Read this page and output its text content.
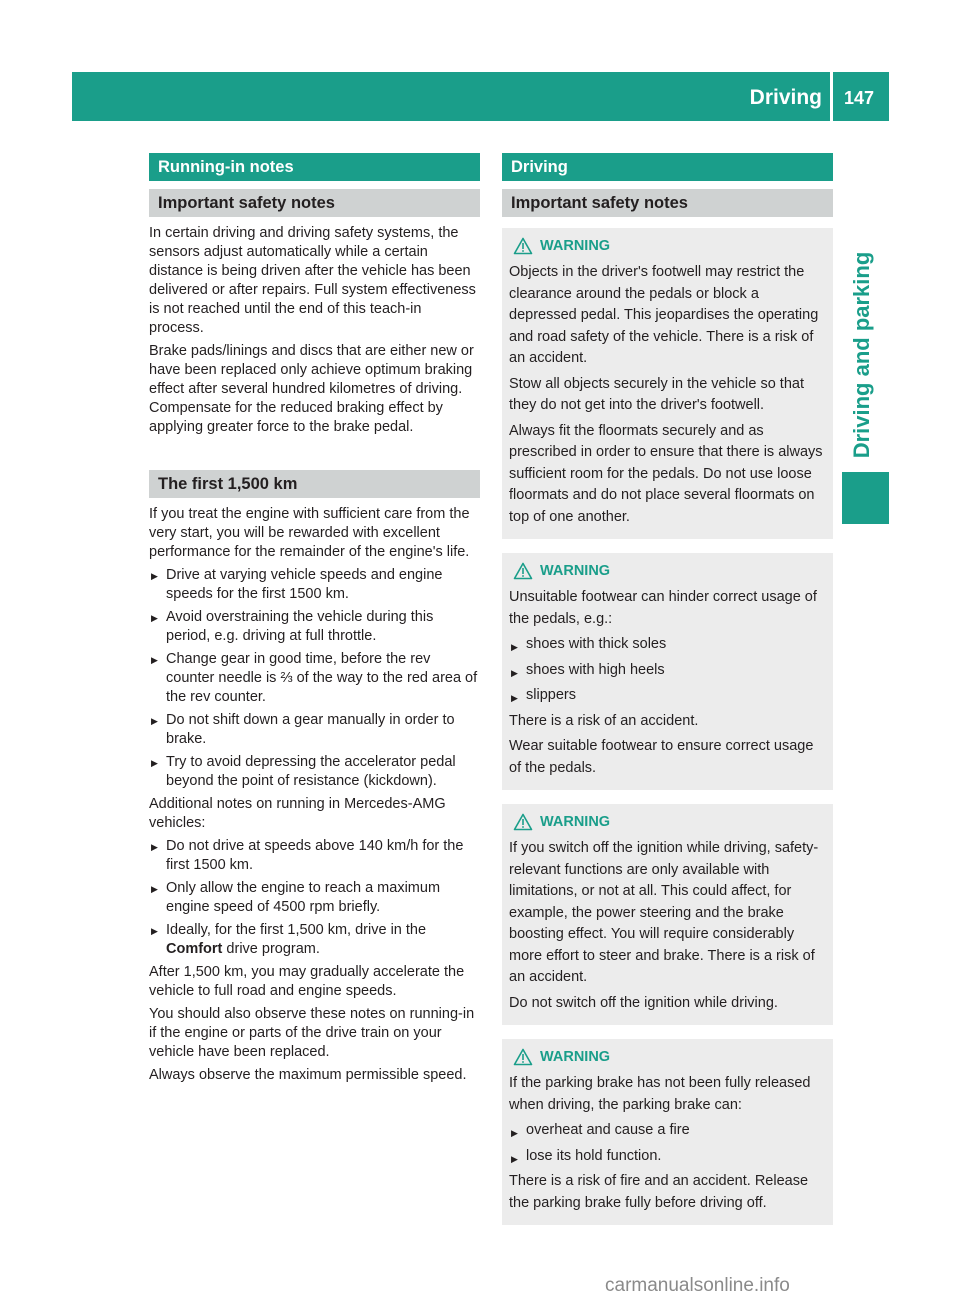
Driving 147
Driving and parking
Running-in notes
Important safety notes

In certain driving and driving safety systems, the sensors adjust automatically while a certain distance is being driven after the vehicle has been delivered or after repairs. Full system effectiveness is not reached until the end of this teach-in process.

Brake pads/linings and discs that are either new or have been replaced only achieve optimum braking effect after several hundred kilometres of driving. Compensate for the reduced braking effect by applying greater force to the brake pedal.

The first 1,500 km

If you treat the engine with sufficient care from the very start, you will be rewarded with excellent performance for the remainder of the engine's life.

▶ Drive at varying vehicle speeds and engine speeds for the first 1500 km.
▶ Avoid overstraining the vehicle during this period, e.g. driving at full throttle.
▶ Change gear in good time, before the rev counter needle is ⅔ of the way to the red area of the rev counter.
▶ Do not shift down a gear manually in order to brake.
▶ Try to avoid depressing the accelerator pedal beyond the point of resistance (kickdown).

Additional notes on running in Mercedes-AMG vehicles:

▶ Do not drive at speeds above 140 km/h for the first 1500 km.
▶ Only allow the engine to reach a maximum engine speed of 4500 rpm briefly.
▶ Ideally, for the first 1,500 km, drive in the Comfort drive program.

After 1,500 km, you may gradually accelerate the vehicle to full road and engine speeds.

You should also observe these notes on running-in if the engine or parts of the drive train on your vehicle have been replaced.

Always observe the maximum permissible speed.

Driving
Important safety notes
WARNING

Objects in the driver's footwell may restrict the clearance around the pedals or block a depressed pedal. This jeopardises the operating and road safety of the vehicle. There is a risk of an accident.

Stow all objects securely in the vehicle so that they do not get into the driver's footwell.

Always fit the floormats securely and as prescribed in order to ensure that there is always sufficient room for the pedals. Do not use loose floormats and do not place several floormats on top of one another.

WARNING

Unsuitable footwear can hinder correct usage of the pedals, e.g.:

▶ shoes with thick soles
▶ shoes with high heels
▶ slippers

There is a risk of an accident.

Wear suitable footwear to ensure correct usage of the pedals.

WARNING

If you switch off the ignition while driving, safety-relevant functions are only available with limitations, or not at all. This could affect, for example, the power steering and the brake boosting effect. You will require considerably more effort to steer and brake. There is a risk of an accident.

Do not switch off the ignition while driving.

WARNING

If the parking brake has not been fully released when driving, the parking brake can:

▶ overheat and cause a fire
▶ lose its hold function.

There is a risk of fire and an accident. Release the parking brake fully before driving off.

carmanualsonline.info
